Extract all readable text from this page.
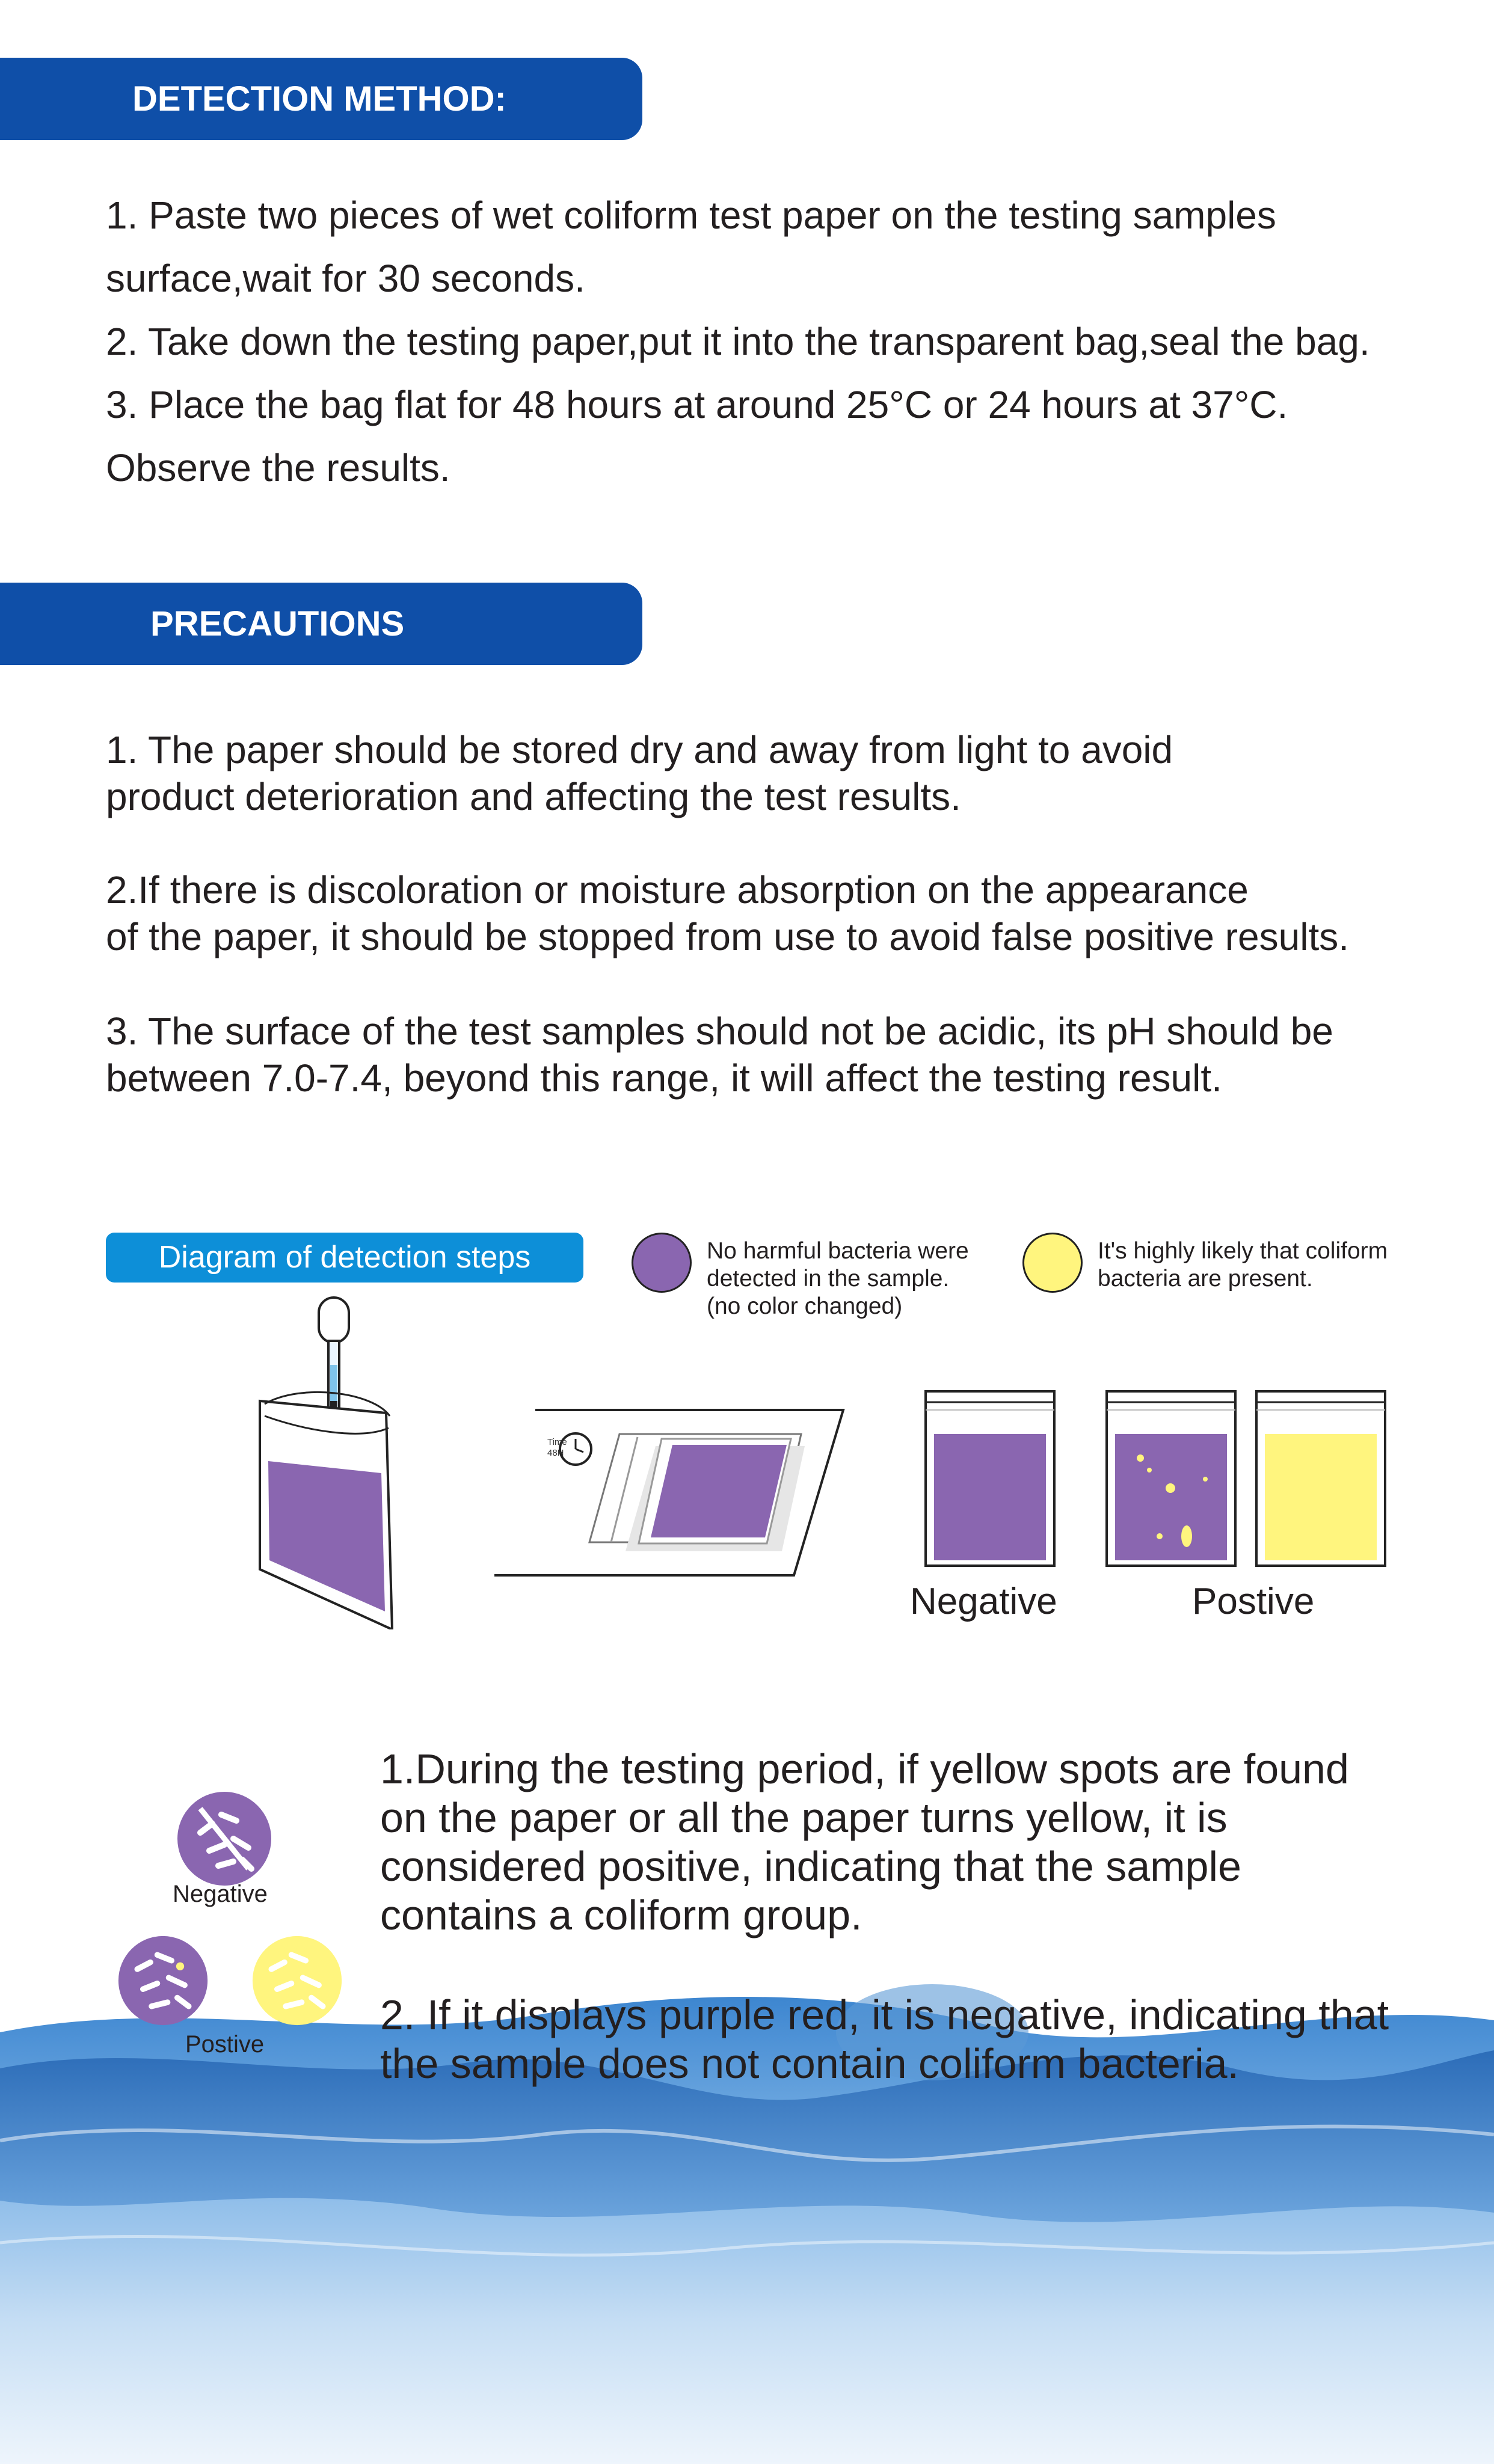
DETECTION METHOD:
1. Paste two pieces of wet coliform test paper on the testing samples
surface,wait for 30 seconds.
2. Take down the testing paper,put it into the transparent bag,seal the bag.
3. Place the bag flat for 48 hours at around 25°C or 24 hours at 37°C.
Observe the results.
PRECAUTIONS
1. The paper should be stored dry and away from light to avoid
product deterioration and affecting the test results.
2.If there is discoloration or moisture absorption on the appearance
of the paper, it should be stopped from use to avoid false positive results.
3. The surface of the test samples should not be acidic, its pH should be
between 7.0-7.4, beyond this range, it will affect the testing result.
Diagram of detection steps	No harmful bacteria were
detected in the sample.
(no color changed)
It's highly likely that coliform
bacteria are present.
Time
48H
Negative	Postive
Negative
Postive
1.During the testing period, if yellow spots are found
on the paper or all the paper turns yellow, it is
considered positive, indicating that the sample
contains a coliform group.
2. If it displays purple red, it is negative, indicating that
the sample does not contain coliform bacteria.
